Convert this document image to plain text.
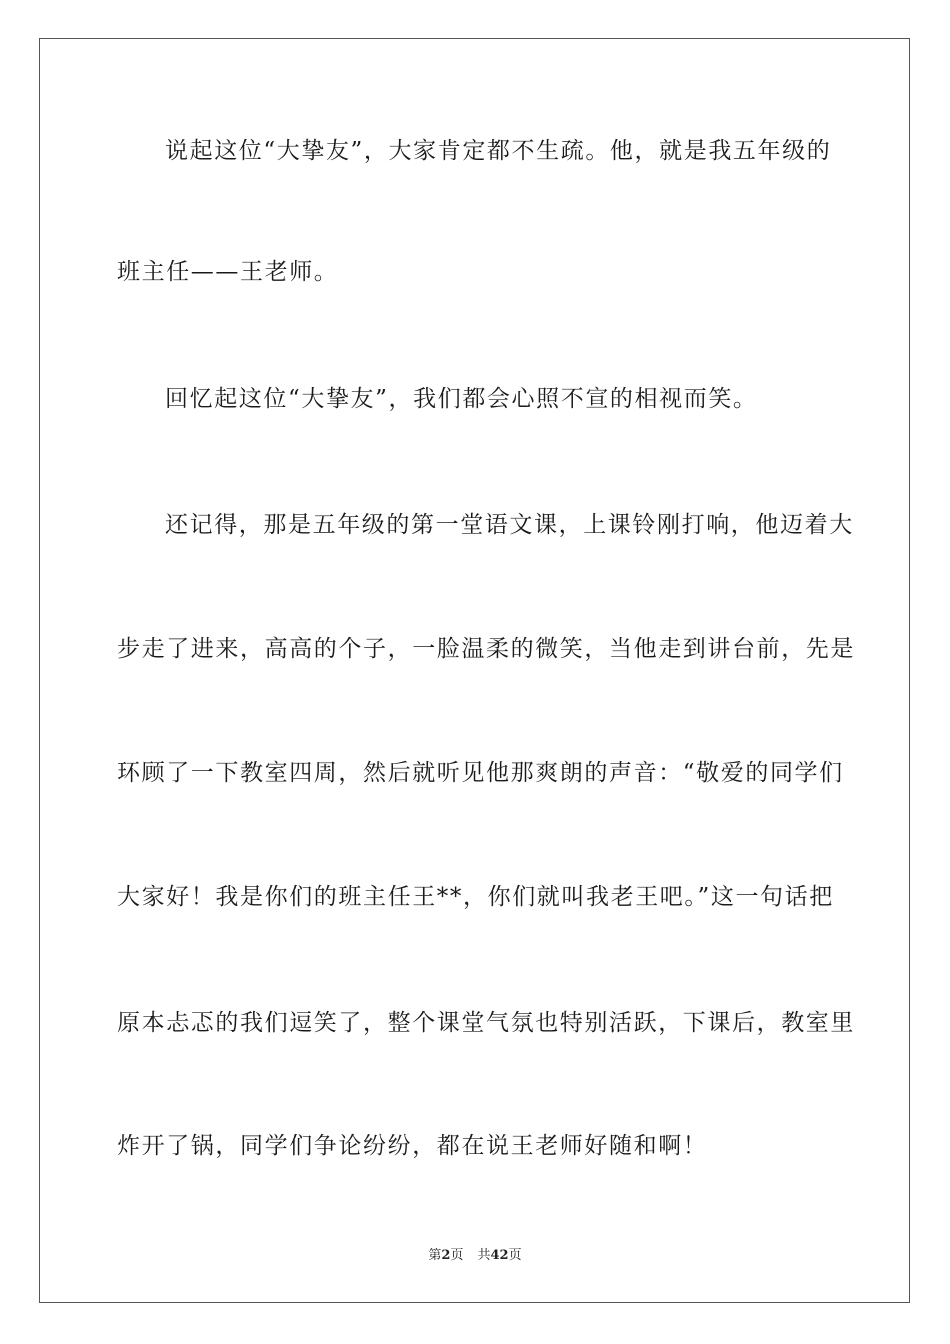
说起这位“大挚友”，大家肯定都不生疏。他，就是我五年级的
班主任——王老师。
回忆起这位“大挚友”，我们都会心照不宣的相视而笑。
还记得，那是五年级的第一堂语文课，上课铃刚打响，他迈着大
步走了进来，高高的个子，一脸温柔的微笑，当他走到讲台前，先是
环顾了一下教室四周，然后就听见他那爽朗的声音：“敬爱的同学们
大家好！我是你们的班主任王**，你们就叫我老王吧。”这一句话把
原本忐忑的我们逗笑了，整个课堂气氛也特别活跃，下课后，教室里
炸开了锅，同学们争论纷纷，都在说王老师好随和啊！
第2页 共42页
